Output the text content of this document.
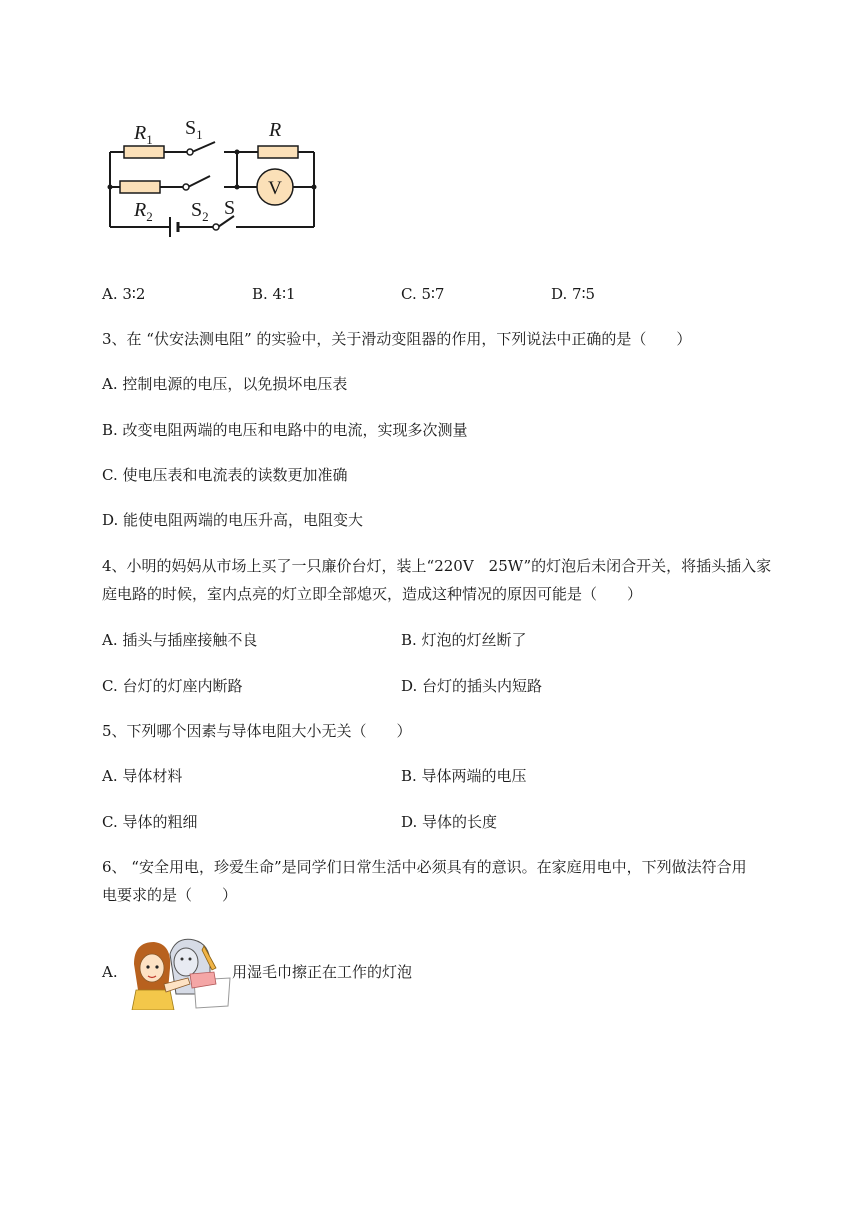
V
$R_1$
$S_1$	R
$R_2$ $S_2$ S
A. 3∶2	B. 4∶1	C. 5∶7	D. 7∶5
3、在 “伏安法测电阻” 的实验中，关于滑动变阻器的作用，下列说法中正确的是（　　）
A. 控制电源的电压，以免损坏电压表
B. 改变电阻两端的电压和电路中的电流，实现多次测量
C. 使电压表和电流表的读数更加准确
D. 能使电阻两端的电压升高，电阻变大
4、小明的妈妈从市场上买了一只廉价台灯，装上“220V　25W”的灯泡后未闭合开关，将插头插入家
庭电路的时候，室内点亮的灯立即全部熄灭，造成这种情况的原因可能是（　　）
A. 插头与插座接触不良	B. 灯泡的灯丝断了
C. 台灯的灯座内断路	D. 台灯的插头内短路
5、下列哪个因素与导体电阻大小无关（　　）
A. 导体材料	B. 导体两端的电压
C. 导体的粗细	D. 导体的长度
6、 “安全用电，珍爱生命”是同学们日常生活中必须具有的意识。在家庭用电中，下列做法符合用
电要求的是（　　）
A.	用湿毛巾擦正在工作的灯泡
